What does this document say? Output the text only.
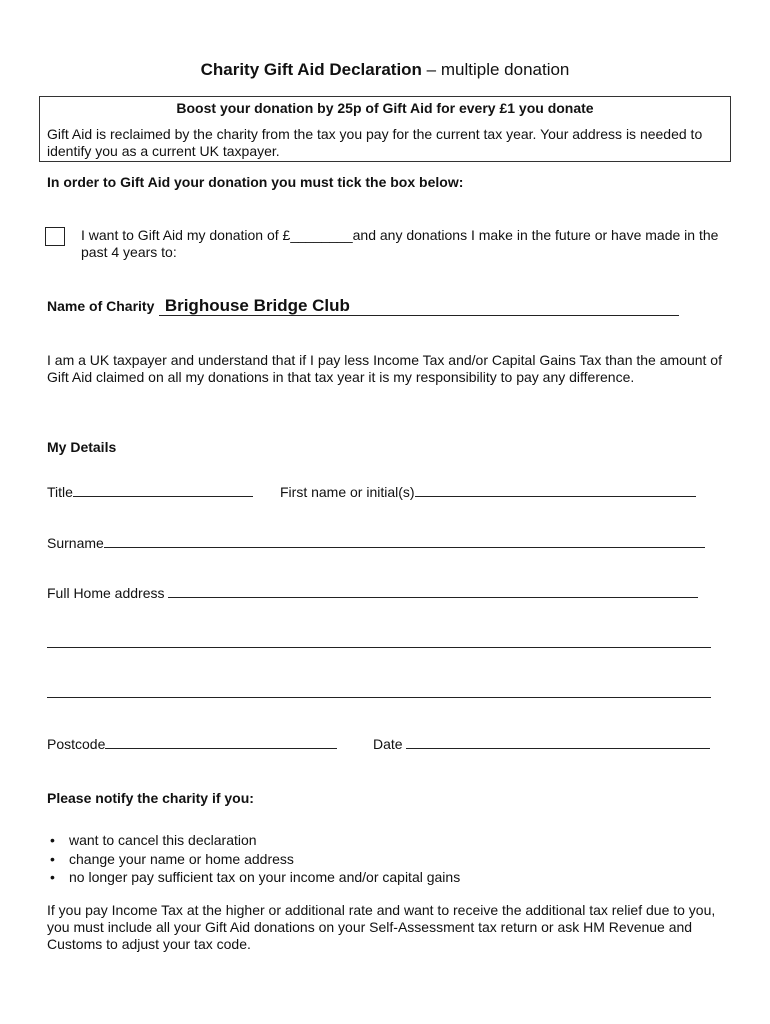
Charity Gift Aid Declaration – multiple donation
Boost your donation by 25p of Gift Aid for every £1 you donate
Gift Aid is reclaimed by the charity from the tax you pay for the current tax year. Your address is needed to identify you as a current UK taxpayer.
In order to Gift Aid your donation you must tick the box below:
I want to Gift Aid my donation of £________and any donations I make in the future or have made in the past 4 years to:
Name of Charity Brighouse Bridge Club
I am a UK taxpayer and understand that if I pay less Income Tax and/or Capital Gains Tax than the amount of Gift Aid claimed on all my donations in that tax year it is my responsibility to pay any difference.
My Details
Title	First name or initial(s)
Surname
Full Home address
Postcode	Date
Please notify the charity if you:
• want to cancel this declaration
• change your name or home address
• no longer pay sufficient tax on your income and/or capital gains
If you pay Income Tax at the higher or additional rate and want to receive the additional tax relief due to you, you must include all your Gift Aid donations on your Self-Assessment tax return or ask HM Revenue and Customs to adjust your tax code.
